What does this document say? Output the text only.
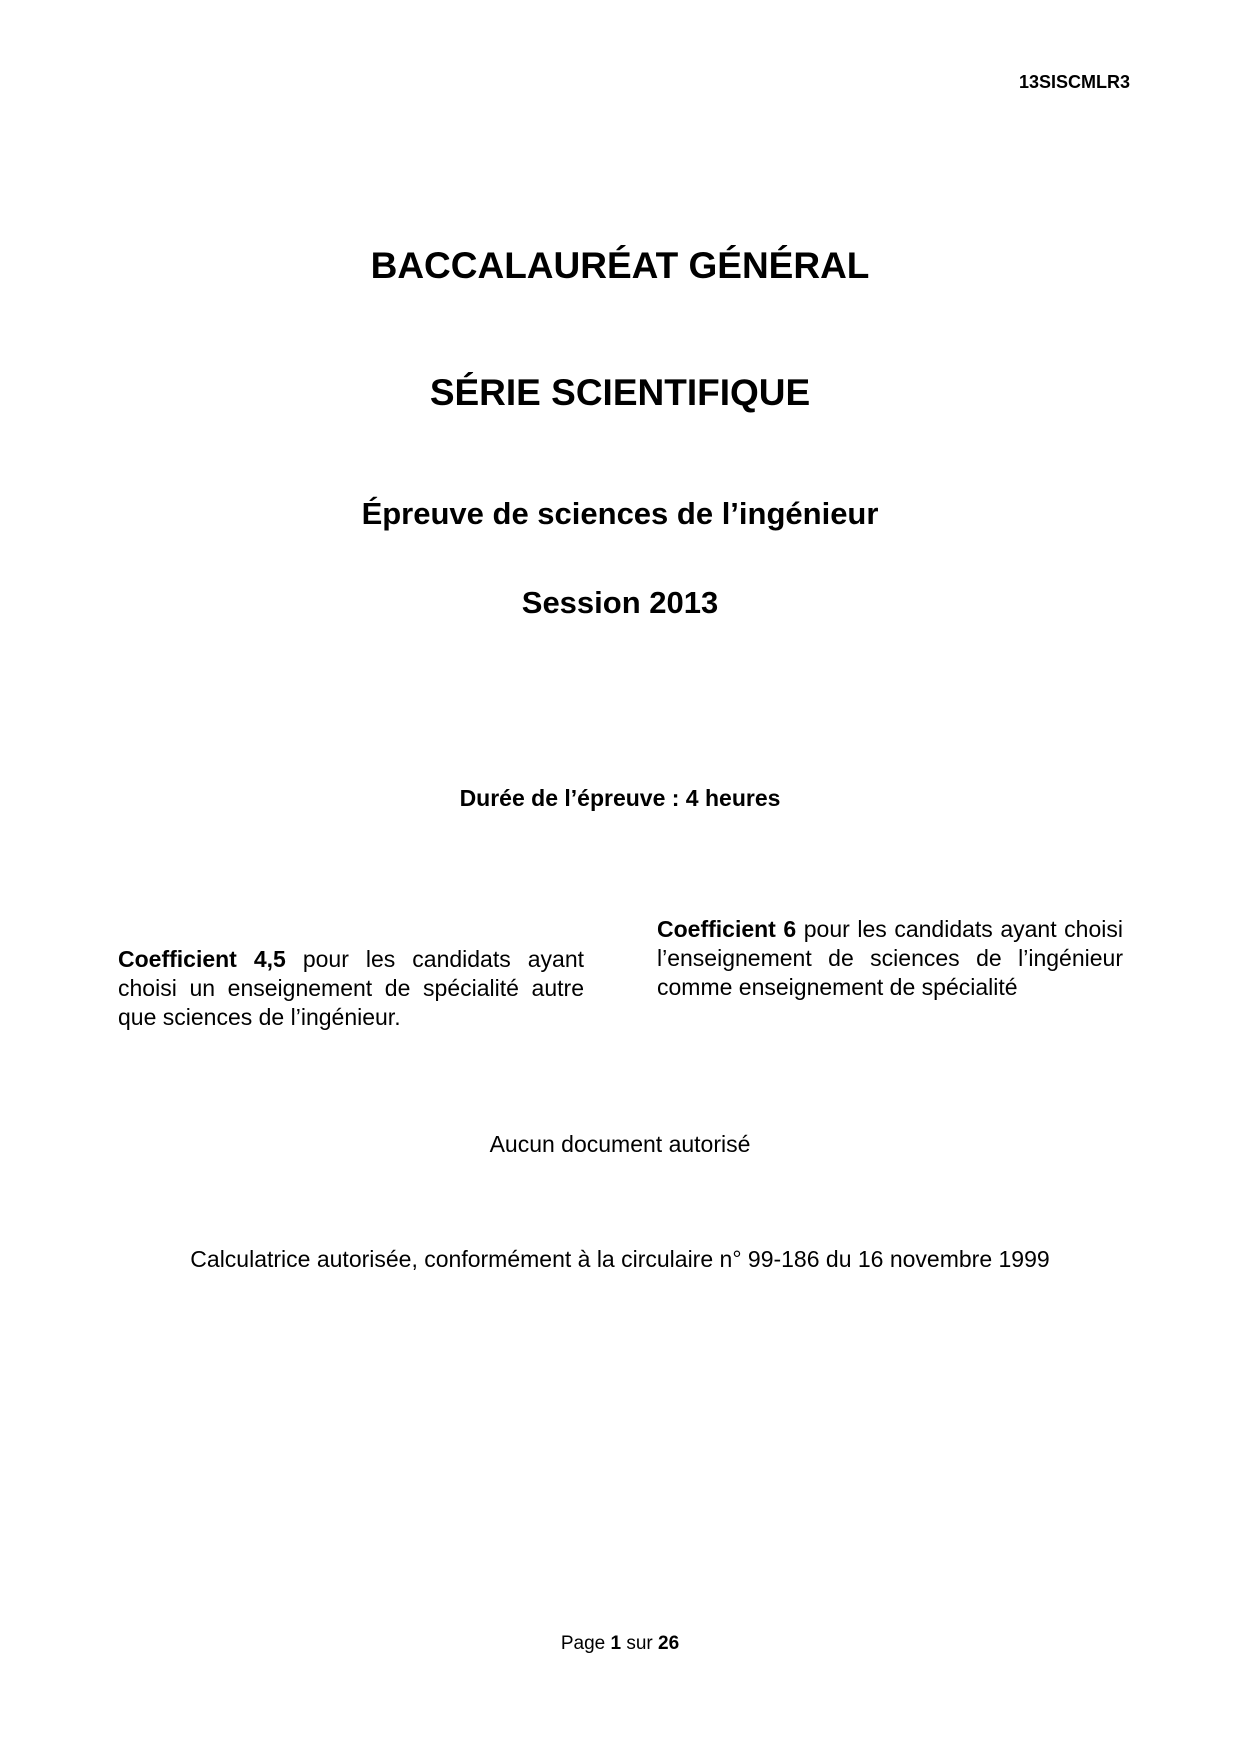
13SISCMLR3
BACCALAURÉAT GÉNÉRAL
SÉRIE SCIENTIFIQUE
Épreuve de sciences de l’ingénieur
Session 2013
Durée de l’épreuve : 4 heures
Coefficient 4,5 pour les candidats ayant choisi un enseignement de spécialité autre que sciences de l’ingénieur.
Coefficient 6 pour les candidats ayant choisi l’enseignement de sciences de l’ingénieur comme enseignement de spécialité
Aucun document autorisé
Calculatrice autorisée, conformément à la circulaire n° 99-186 du 16 novembre 1999
Page 1 sur 26
